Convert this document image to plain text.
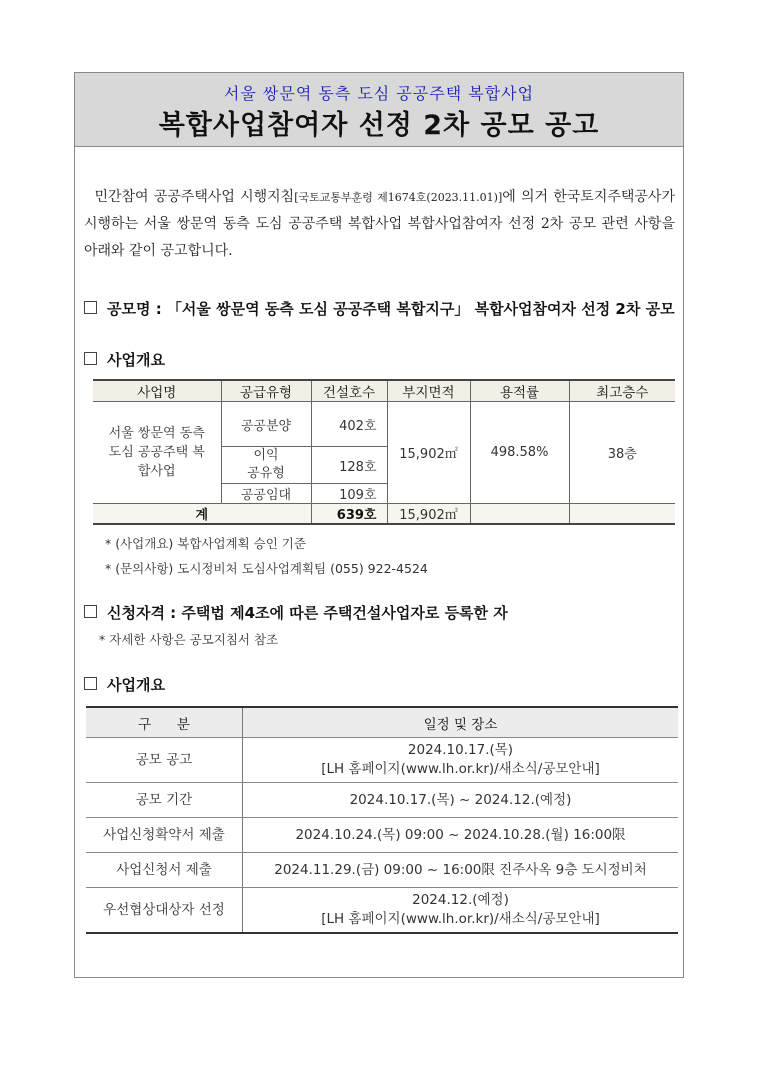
서울 쌍문역 동측 도심 공공주택 복합사업
복합사업참여자 선정 2차 공모 공고
민간참여 공공주택사업 시행지침[국토교통부훈령 제1674호(2023.11.01)]에 의거 한국토지주택공사가 시행하는 서울 쌍문역 동측 도심 공공주택 복합사업 복합사업참여자 선정 2차 공모 관련 사항을 아래와 같이 공고합니다.
공모명 : 「서울 쌍문역 동측 도심 공공주택 복합지구」 복합사업참여자 선정 2차 공모
사업개요
사업명	공급유형	건설호수	부지면적	용적률	최고층수
서울 쌍문역 동측 도심 공공주택 복합사업	공공분양	402호	15,902㎡	498.58%	38층
	이익 공유형	128호			
	공공임대	109호			
계		639호	15,902㎡		
* (사업개요) 복합사업계획 승인 기준
* (문의사항) 도시정비처 도심사업계획팀 (055) 922-4524
신청자격 : 주택법 제4조에 따른 주택건설사업자로 등록한 자
* 자세한 사항은 공모지침서 참조
사업개요
구      분	일정 및 장소
공모 공고	2024.10.17.(목)
[LH 홈페이지(www.lh.or.kr)/새소식/공모안내]

공모 기간	2024.10.17.(목) ~ 2024.12.(예정)
사업신청확약서 제출	2024.10.24.(목) 09:00 ~ 2024.10.28.(월) 16:00限
사업신청서 제출	2024.11.29.(금) 09:00 ~ 16:00限 진주사옥 9층 도시정비처
우선협상대상자 선정	2024.12.(예정)
[LH 홈페이지(www.lh.or.kr)/새소식/공모안내]
